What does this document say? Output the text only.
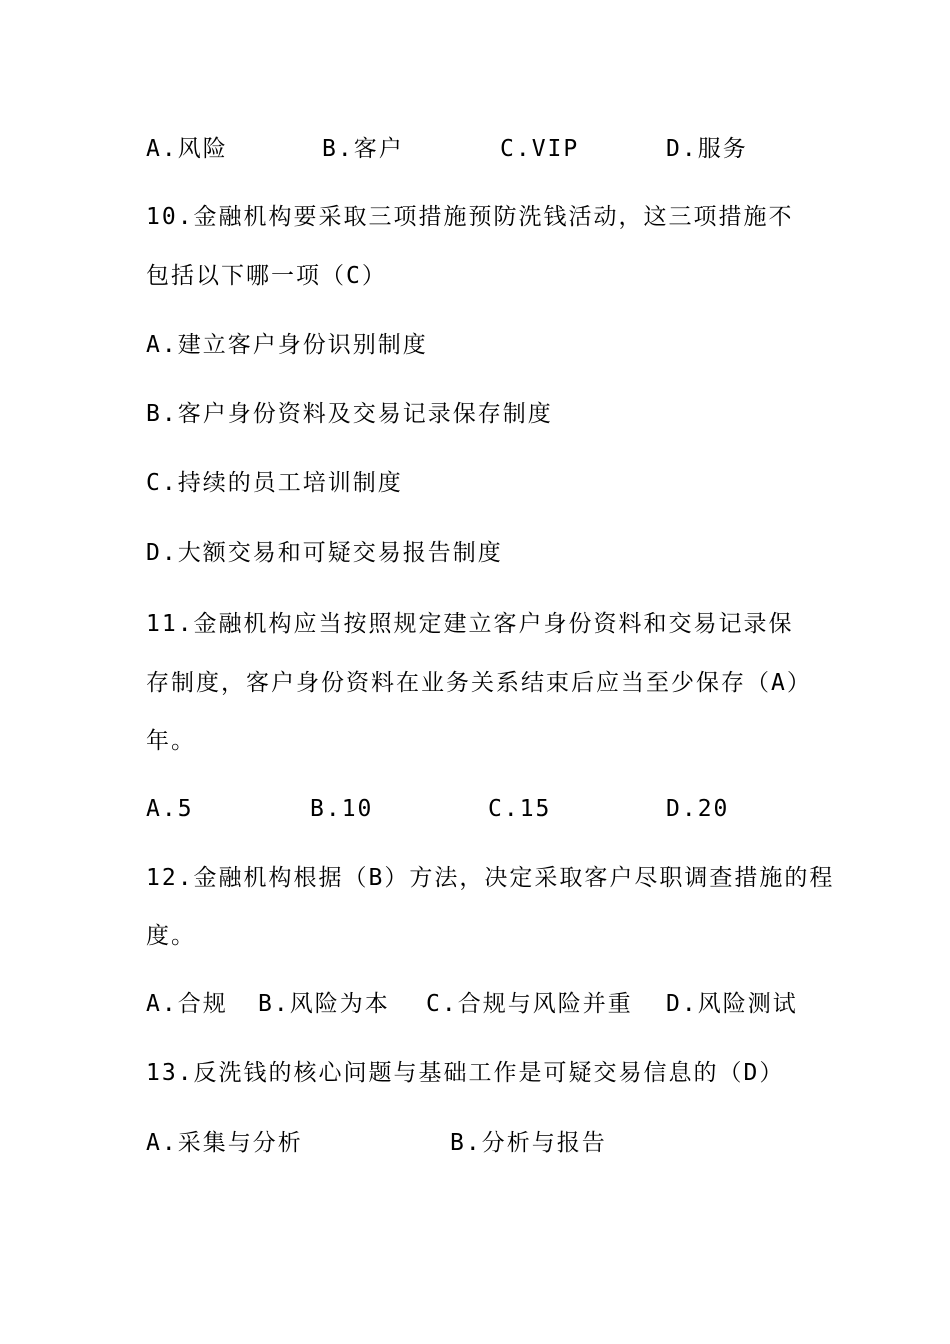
A.风险	B.客户	C.VIP	D.服务
10.金融机构要采取三项措施预防洗钱活动，这三项措施不
包括以下哪一项（C）
A.建立客户身份识别制度
B.客户身份资料及交易记录保存制度
C.持续的员工培训制度
D.大额交易和可疑交易报告制度
11.金融机构应当按照规定建立客户身份资料和交易记录保
存制度，客户身份资料在业务关系结束后应当至少保存（A）
年。
A.5	B.10	C.15	D.20
12.金融机构根据（B）方法，决定采取客户尽职调查措施的程
度。
A.合规 B.风险为本 C.合规与风险并重 D.风险测试
13.反洗钱的核心问题与基础工作是可疑交易信息的（D）
A.采集与分析	B.分析与报告
